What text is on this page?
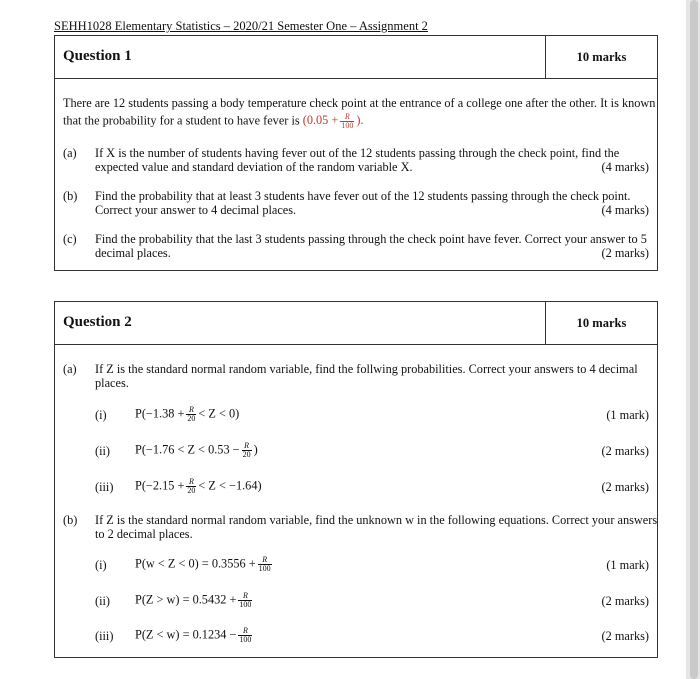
SEHH1028 Elementary Statistics – 2020/21 Semester One – Assignment 2
Question 1	10 marks
There are 12 students passing a body temperature check point at the entrance of a college one after the other. It is known
that the probability for a student to have fever is ($0.05 + \frac{R}{100}$ ).
(a) If X is the number of students having fever out of the 12 students passing through the check point, find the
expected value and standard deviation of the random variable X.	(4 marks)
(b) Find the probability that at least 3 students have fever out of the 12 students passing through the check point.
Correct your answer to 4 decimal places.	(4 marks)
(c) Find the probability that the last 3 students passing through the check point have fever. Correct your answer to 5
decimal places.	(2 marks)
Question 2	10 marks
(a) If Z is the standard normal random variable, find the follwing probabilities. Correct your answers to 4 decimal
places.
(i) $P(-1.38 + \frac{R}{20} < Z < 0)$	(1 mark)
(ii) $P(-1.76 < Z < 0.53 - \frac{R}{20}$ )	(2 marks)
(iii) $P(-2.15 + \frac{R}{20} < Z < -1.64)$	(2 marks)
(b) If Z is the standard normal random variable, find the unknown w in the following equations. Correct your answers
to 2 decimal places.
(i) $P(w < Z < 0) = 0.3556 + \frac{R}{100}$	(1 mark)
(ii) $P(Z > w) = 0.5432 + \frac{R}{100}$	(2 marks)
(iii) $P(Z < w) = 0.1234 - \frac{R}{100}$	(2 marks)
